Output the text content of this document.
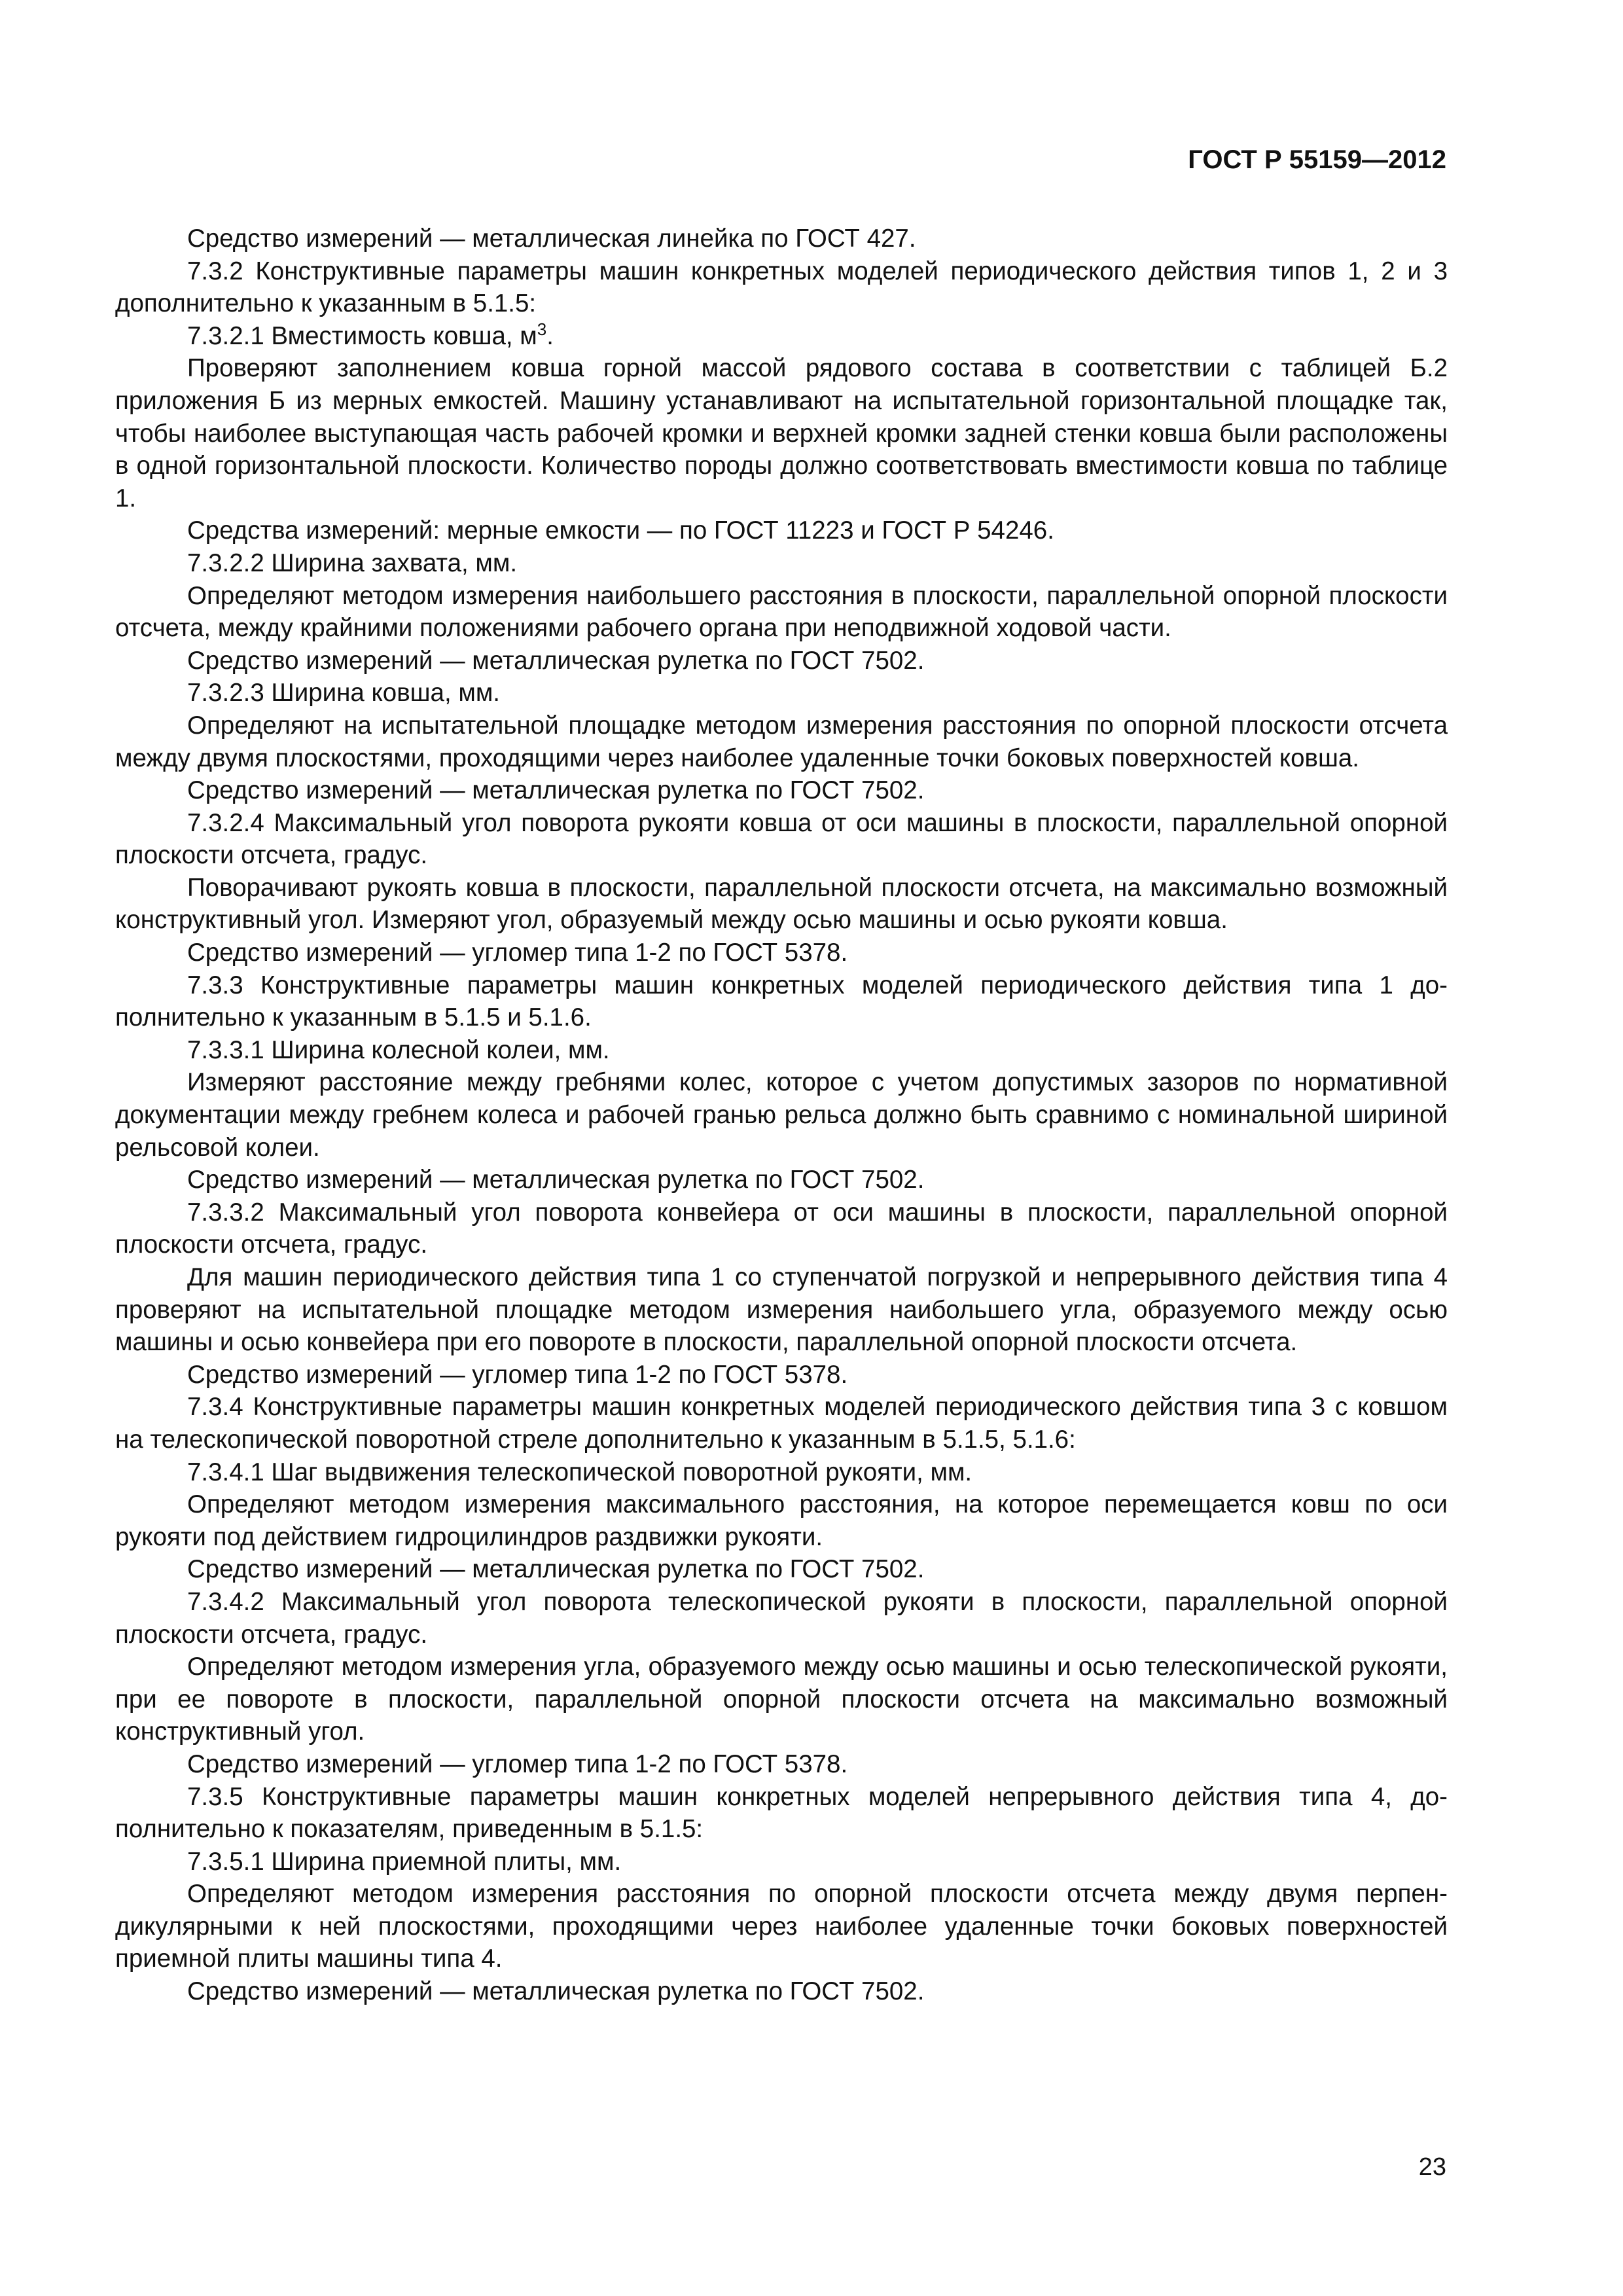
ГОСТ Р 55159—2012

Средство измерений — металлическая линейка по ГОСТ 427.

7.3.2 Конструктивные параметры машин конкретных моделей периодического действия типов 1, 2 и 3 дополнительно к указанным в 5.1.5:

7.3.2.1 Вместимость ковша, $м^3$.

Проверяют заполнением ковша горной массой рядового состава в соответствии с таблицей Б.2 приложения Б из мерных емкостей. Машину устанавливают на испытательной горизонтальной площадке так, чтобы наиболее выступающая часть рабочей кромки и верхней кромки задней стенки ковша были расположены в одной горизонтальной плоскости. Количество породы должно соответствовать вместимости ковша по таблице 1.

Средства измерений: мерные емкости — по ГОСТ 11223 и ГОСТ Р 54246.

7.3.2.2 Ширина захвата, мм.

Определяют методом измерения наибольшего расстояния в плоскости, параллельной опорной плоскости отсчета, между крайними положениями рабочего органа при неподвижной ходовой части.

Средство измерений — металлическая рулетка по ГОСТ 7502.

7.3.2.3 Ширина ковша, мм.

Определяют на испытательной площадке методом измерения расстояния по опорной плоскости отсчета между двумя плоскостями, проходящими через наиболее удаленные точки боковых поверхностей ковша.

Средство измерений — металлическая рулетка по ГОСТ 7502.

7.3.2.4 Максимальный угол поворота рукояти ковша от оси машины в плоскости, параллельной опорной плоскости отсчета, градус.

Поворачивают рукоять ковша в плоскости, параллельной плоскости отсчета, на максимально возможный конструктивный угол. Измеряют угол, образуемый между осью машины и осью рукояти ковша.

Средство измерений — угломер типа 1-2 по ГОСТ 5378.

7.3.3 Конструктивные параметры машин конкретных моделей периодического действия типа 1 дополнительно к указанным в 5.1.5 и 5.1.6.

7.3.3.1 Ширина колесной колеи, мм.

Измеряют расстояние между гребнями колес, которое с учетом допустимых зазоров по нормативной документации между гребнем колеса и рабочей гранью рельса должно быть сравнимо с номинальной шириной рельсовой колеи.

Средство измерений — металлическая рулетка по ГОСТ 7502.

7.3.3.2 Максимальный угол поворота конвейера от оси машины в плоскости, параллельной опорной плоскости отсчета, градус.

Для машин периодического действия типа 1 со ступенчатой погрузкой и непрерывного действия типа 4 проверяют на испытательной площадке методом измерения наибольшего угла, образуемого между осью машины и осью конвейера при его повороте в плоскости, параллельной опорной плоскости отсчета.

Средство измерений — угломер типа 1-2 по ГОСТ 5378.

7.3.4 Конструктивные параметры машин конкретных моделей периодического действия типа 3 с ковшом на телескопической поворотной стреле дополнительно к указанным в 5.1.5, 5.1.6:

7.3.4.1 Шаг выдвижения телескопической поворотной рукояти, мм.

Определяют методом измерения максимального расстояния, на которое перемещается ковш по оси рукояти под действием гидроцилиндров раздвижки рукояти.

Средство измерений — металлическая рулетка по ГОСТ 7502.

7.3.4.2 Максимальный угол поворота телескопической рукояти в плоскости, параллельной опорной плоскости отсчета, градус.

Определяют методом измерения угла, образуемого между осью машины и осью телескопической рукояти, при ее повороте в плоскости, параллельной опорной плоскости отсчета на максимально возможный конструктивный угол.

Средство измерений — угломер типа 1-2 по ГОСТ 5378.

7.3.5 Конструктивные параметры машин конкретных моделей непрерывного действия типа 4, дополнительно к показателям, приведенным в 5.1.5:

7.3.5.1 Ширина приемной плиты, мм.

Определяют методом измерения расстояния по опорной плоскости отсчета между двумя перпендикулярными к ней плоскостями, проходящими через наиболее удаленные точки боковых поверхностей приемной плиты машины типа 4.

Средство измерений — металлическая рулетка по ГОСТ 7502.

23
